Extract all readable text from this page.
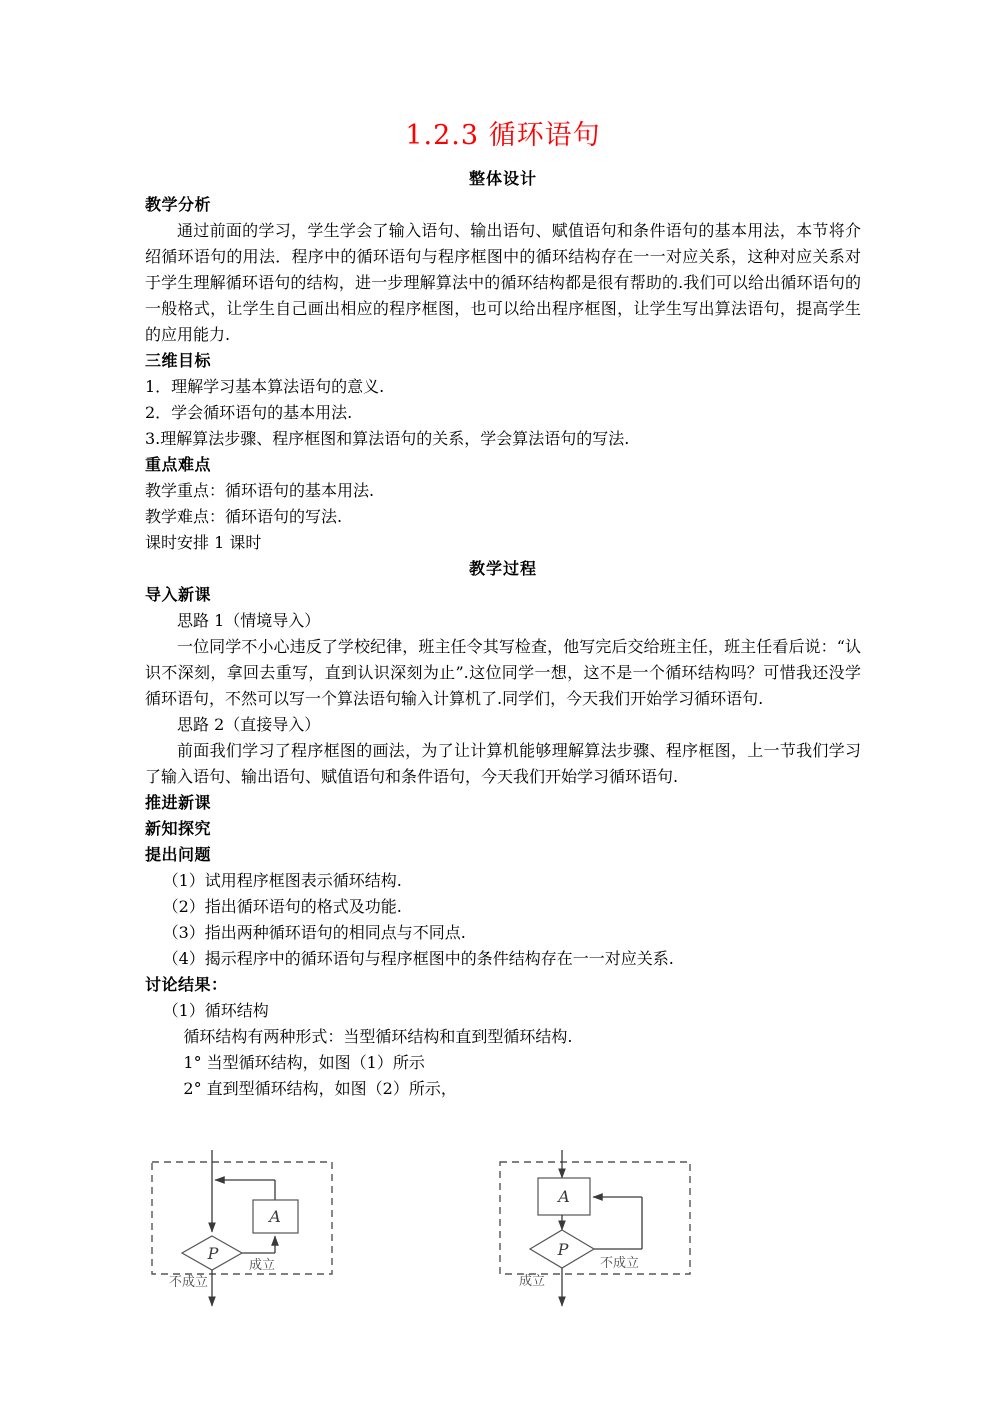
1.2.3 循环语句
整体设计
教学分析

通过前面的学习，学生学会了输入语句、输出语句、赋值语句和条件语句的基本用法，本节将介绍循环语句的用法．程序中的循环语句与程序框图中的循环结构存在一一对应关系，这种对应关系对于学生理解循环语句的结构，进一步理解算法中的循环结构都是很有帮助的.我们可以给出循环语句的一般格式，让学生自己画出相应的程序框图，也可以给出程序框图，让学生写出算法语句，提高学生的应用能力.

三维目标
1．理解学习基本算法语句的意义.
2．学会循环语句的基本用法.
3.理解算法步骤、程序框图和算法语句的关系，学会算法语句的写法.
重点难点
教学重点：循环语句的基本用法.
教学难点：循环语句的写法.
课时安排 1 课时
教学过程
导入新课
思路 1（情境导入）

一位同学不小心违反了学校纪律，班主任令其写检查，他写完后交给班主任，班主任看后说：“认识不深刻，拿回去重写，直到认识深刻为止”.这位同学一想，这不是一个循环结构吗？可惜我还没学循环语句，不然可以写一个算法语句输入计算机了.同学们，今天我们开始学习循环语句.

思路 2（直接导入）

前面我们学习了程序框图的画法，为了让计算机能够理解算法步骤、程序框图，上一节我们学习了输入语句、输出语句、赋值语句和条件语句，今天我们开始学习循环语句.

推进新课
新知探究
提出问题
（1）试用程序框图表示循环结构.
（2）指出循环语句的格式及功能.
（3）指出两种循环语句的相同点与不同点.
（4）揭示程序中的循环语句与程序框图中的条件结构存在一一对应关系.
讨论结果：
（1）循环结构
循环结构有两种形式：当型循环结构和直到型循环结构.
1° 当型循环结构，如图（1）所示
2° 直到型循环结构，如图（2）所示，
A
P
成立
不成立
A
P
不成立
成立
